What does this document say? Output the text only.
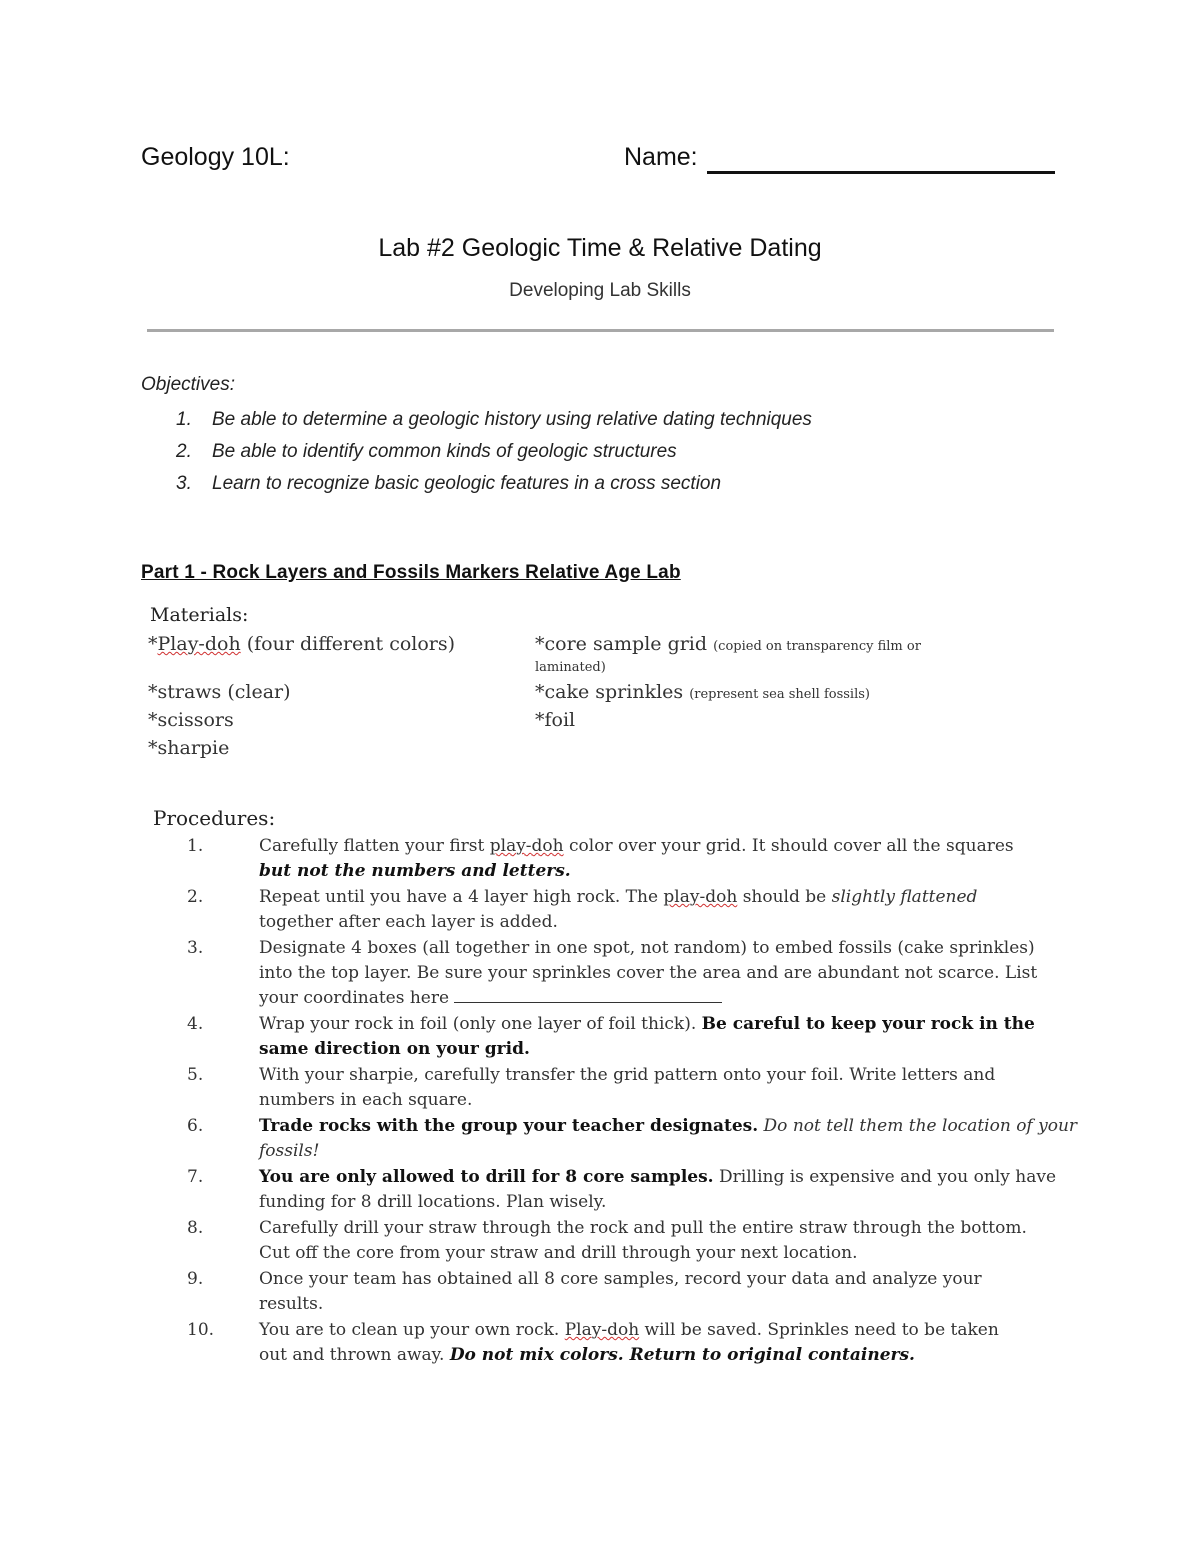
Geology 10L:	Name:
Lab #2 Geologic Time & Relative Dating
Developing Lab Skills
Objectives:
1. Be able to determine a geologic history using relative dating techniques
2. Be able to identify common kinds of geologic structures
3. Learn to recognize basic geologic features in a cross section
Part 1 - Rock Layers and Fossils Markers Relative Age Lab
Materials:
*Play-doh (four different colors)
*straws (clear)
*scissors
*sharpie
*core sample grid (copied on transparency film or
laminated)
*cake sprinkles (represent sea shell fossils)
*foil
Procedures:
1.	Carefully flatten your first play-doh color over your grid. It should cover all the squares
but not the numbers and letters.
2.	Repeat until you have a 4 layer high rock. The play-doh should be slightly flattened
together after each layer is added.
3.	Designate 4 boxes (all together in one spot, not random) to embed fossils (cake sprinkles)
into the top layer. Be sure your sprinkles cover the area and are abundant not scarce. List
your coordinates here
4.	Wrap your rock in foil (only one layer of foil thick). Be careful to keep your rock in the
same direction on your grid.
5.	With your sharpie, carefully transfer the grid pattern onto your foil. Write letters and
numbers in each square.
6.	Trade rocks with the group your teacher designates. Do not tell them the location of your
fossils!
7.	You are only allowed to drill for 8 core samples. Drilling is expensive and you only have
funding for 8 drill locations. Plan wisely.
8.	Carefully drill your straw through the rock and pull the entire straw through the bottom.
Cut off the core from your straw and drill through your next location.
9.	Once your team has obtained all 8 core samples, record your data and analyze your
results.
10.	You are to clean up your own rock. Play-doh will be saved. Sprinkles need to be taken
out and thrown away. Do not mix colors. Return to original containers.
